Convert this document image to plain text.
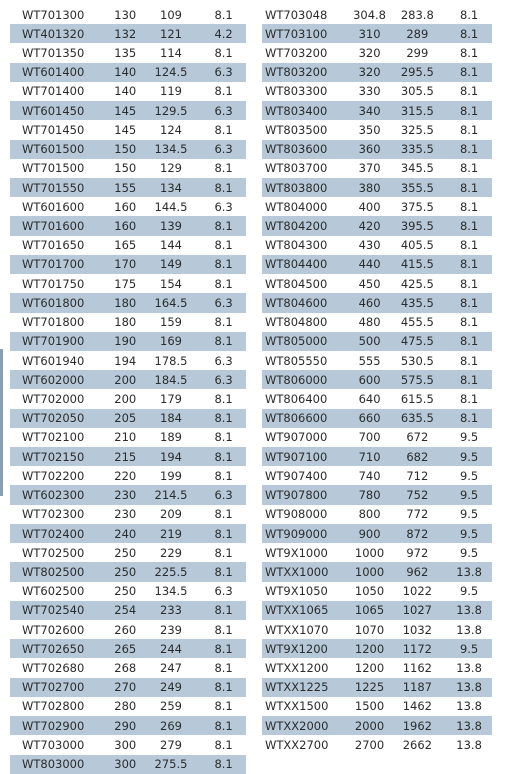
WT701300	130	109	8.1
WT401320	132	121	4.2
WT701350	135	114	8.1
WT601400	140	124.5	6.3
WT701400	140	119	8.1
WT601450	145	129.5	6.3
WT701450	145	124	8.1
WT601500	150	134.5	6.3
WT701500	150	129	8.1
WT701550	155	134	8.1
WT601600	160	144.5	6.3
WT701600	160	139	8.1
WT701650	165	144	8.1
WT701700	170	149	8.1
WT701750	175	154	8.1
WT601800	180	164.5	6.3
WT701800	180	159	8.1
WT701900	190	169	8.1
WT601940	194	178.5	6.3
WT602000	200	184.5	6.3
WT702000	200	179	8.1
WT702050	205	184	8.1
WT702100	210	189	8.1
WT702150	215	194	8.1
WT702200	220	199	8.1
WT602300	230	214.5	6.3
WT702300	230	209	8.1
WT702400	240	219	8.1
WT702500	250	229	8.1
WT802500	250	225.5	8.1
WT602500	250	134.5	6.3
WT702540	254	233	8.1
WT702600	260	239	8.1
WT702650	265	244	8.1
WT702680	268	247	8.1
WT702700	270	249	8.1
WT702800	280	259	8.1
WT702900	290	269	8.1
WT703000	300	279	8.1
WT803000	300	275.5	8.1
WT703048	304.8	283.8	8.1
WT703100	310	289	8.1
WT703200	320	299	8.1
WT803200	320	295.5	8.1
WT803300	330	305.5	8.1
WT803400	340	315.5	8.1
WT803500	350	325.5	8.1
WT803600	360	335.5	8.1
WT803700	370	345.5	8.1
WT803800	380	355.5	8.1
WT804000	400	375.5	8.1
WT804200	420	395.5	8.1
WT804300	430	405.5	8.1
WT804400	440	415.5	8.1
WT804500	450	425.5	8.1
WT804600	460	435.5	8.1
WT804800	480	455.5	8.1
WT805000	500	475.5	8.1
WT805550	555	530.5	8.1
WT806000	600	575.5	8.1
WT806400	640	615.5	8.1
WT806600	660	635.5	8.1
WT907000	700	672	9.5
WT907100	710	682	9.5
WT907400	740	712	9.5
WT907800	780	752	9.5
WT908000	800	772	9.5
WT909000	900	872	9.5
WT9X1000	1000	972	9.5
WTXX1000	1000	962	13.8
WT9X1050	1050	1022	9.5
WTXX1065	1065	1027	13.8
WTXX1070	1070	1032	13.8
WT9X1200	1200	1172	9.5
WTXX1200	1200	1162	13.8
WTXX1225	1225	1187	13.8
WTXX1500	1500	1462	13.8
WTXX2000	2000	1962	13.8
WTXX2700	2700	2662	13.8
